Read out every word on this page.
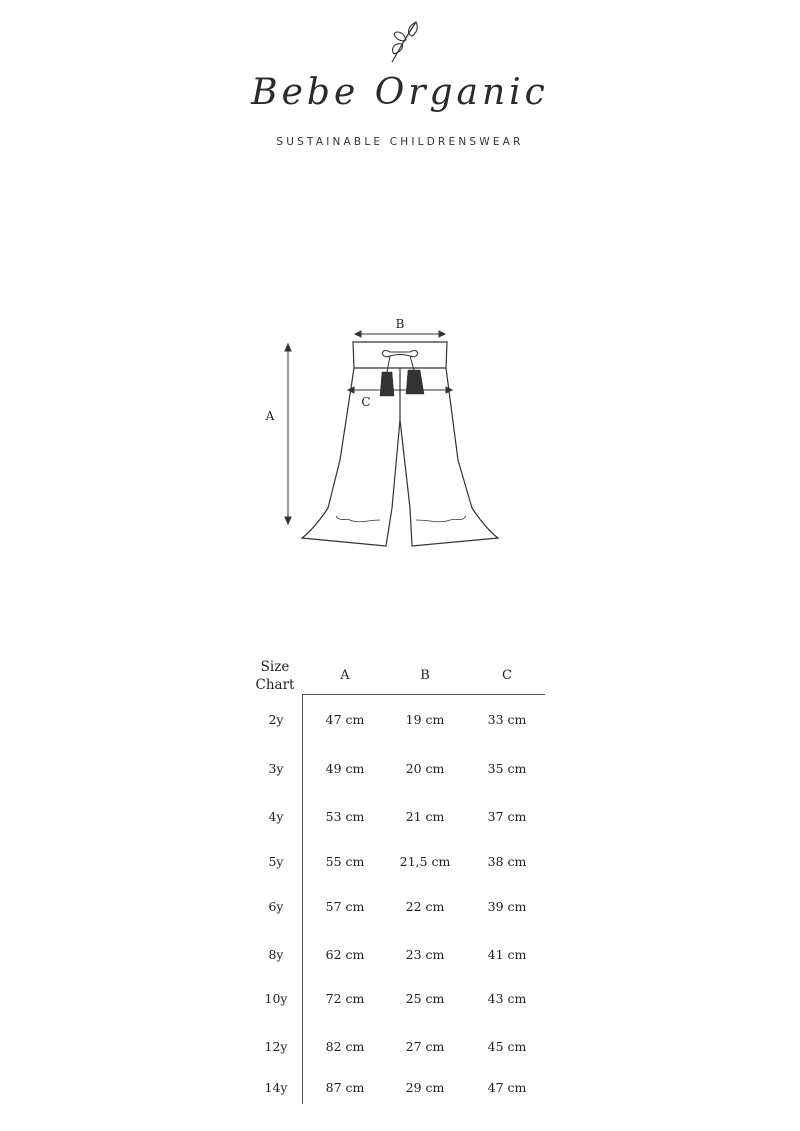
Bebe Organic
SUSTAINABLE CHILDRENSWEAR
B
C
A
Size
Chart
A	B	C
2y	47 cm	19 cm	33 cm
3y	49 cm	20 cm	35 cm
4y	53 cm	21 cm	37 cm
5y	55 cm	21,5 cm	38 cm
6y	57 cm	22 cm	39 cm
8y	62 cm	23 cm	41 cm
10y	72 cm	25 cm	43 cm
12y	82 cm	27 cm	45 cm
14y	87 cm	29 cm	47 cm
